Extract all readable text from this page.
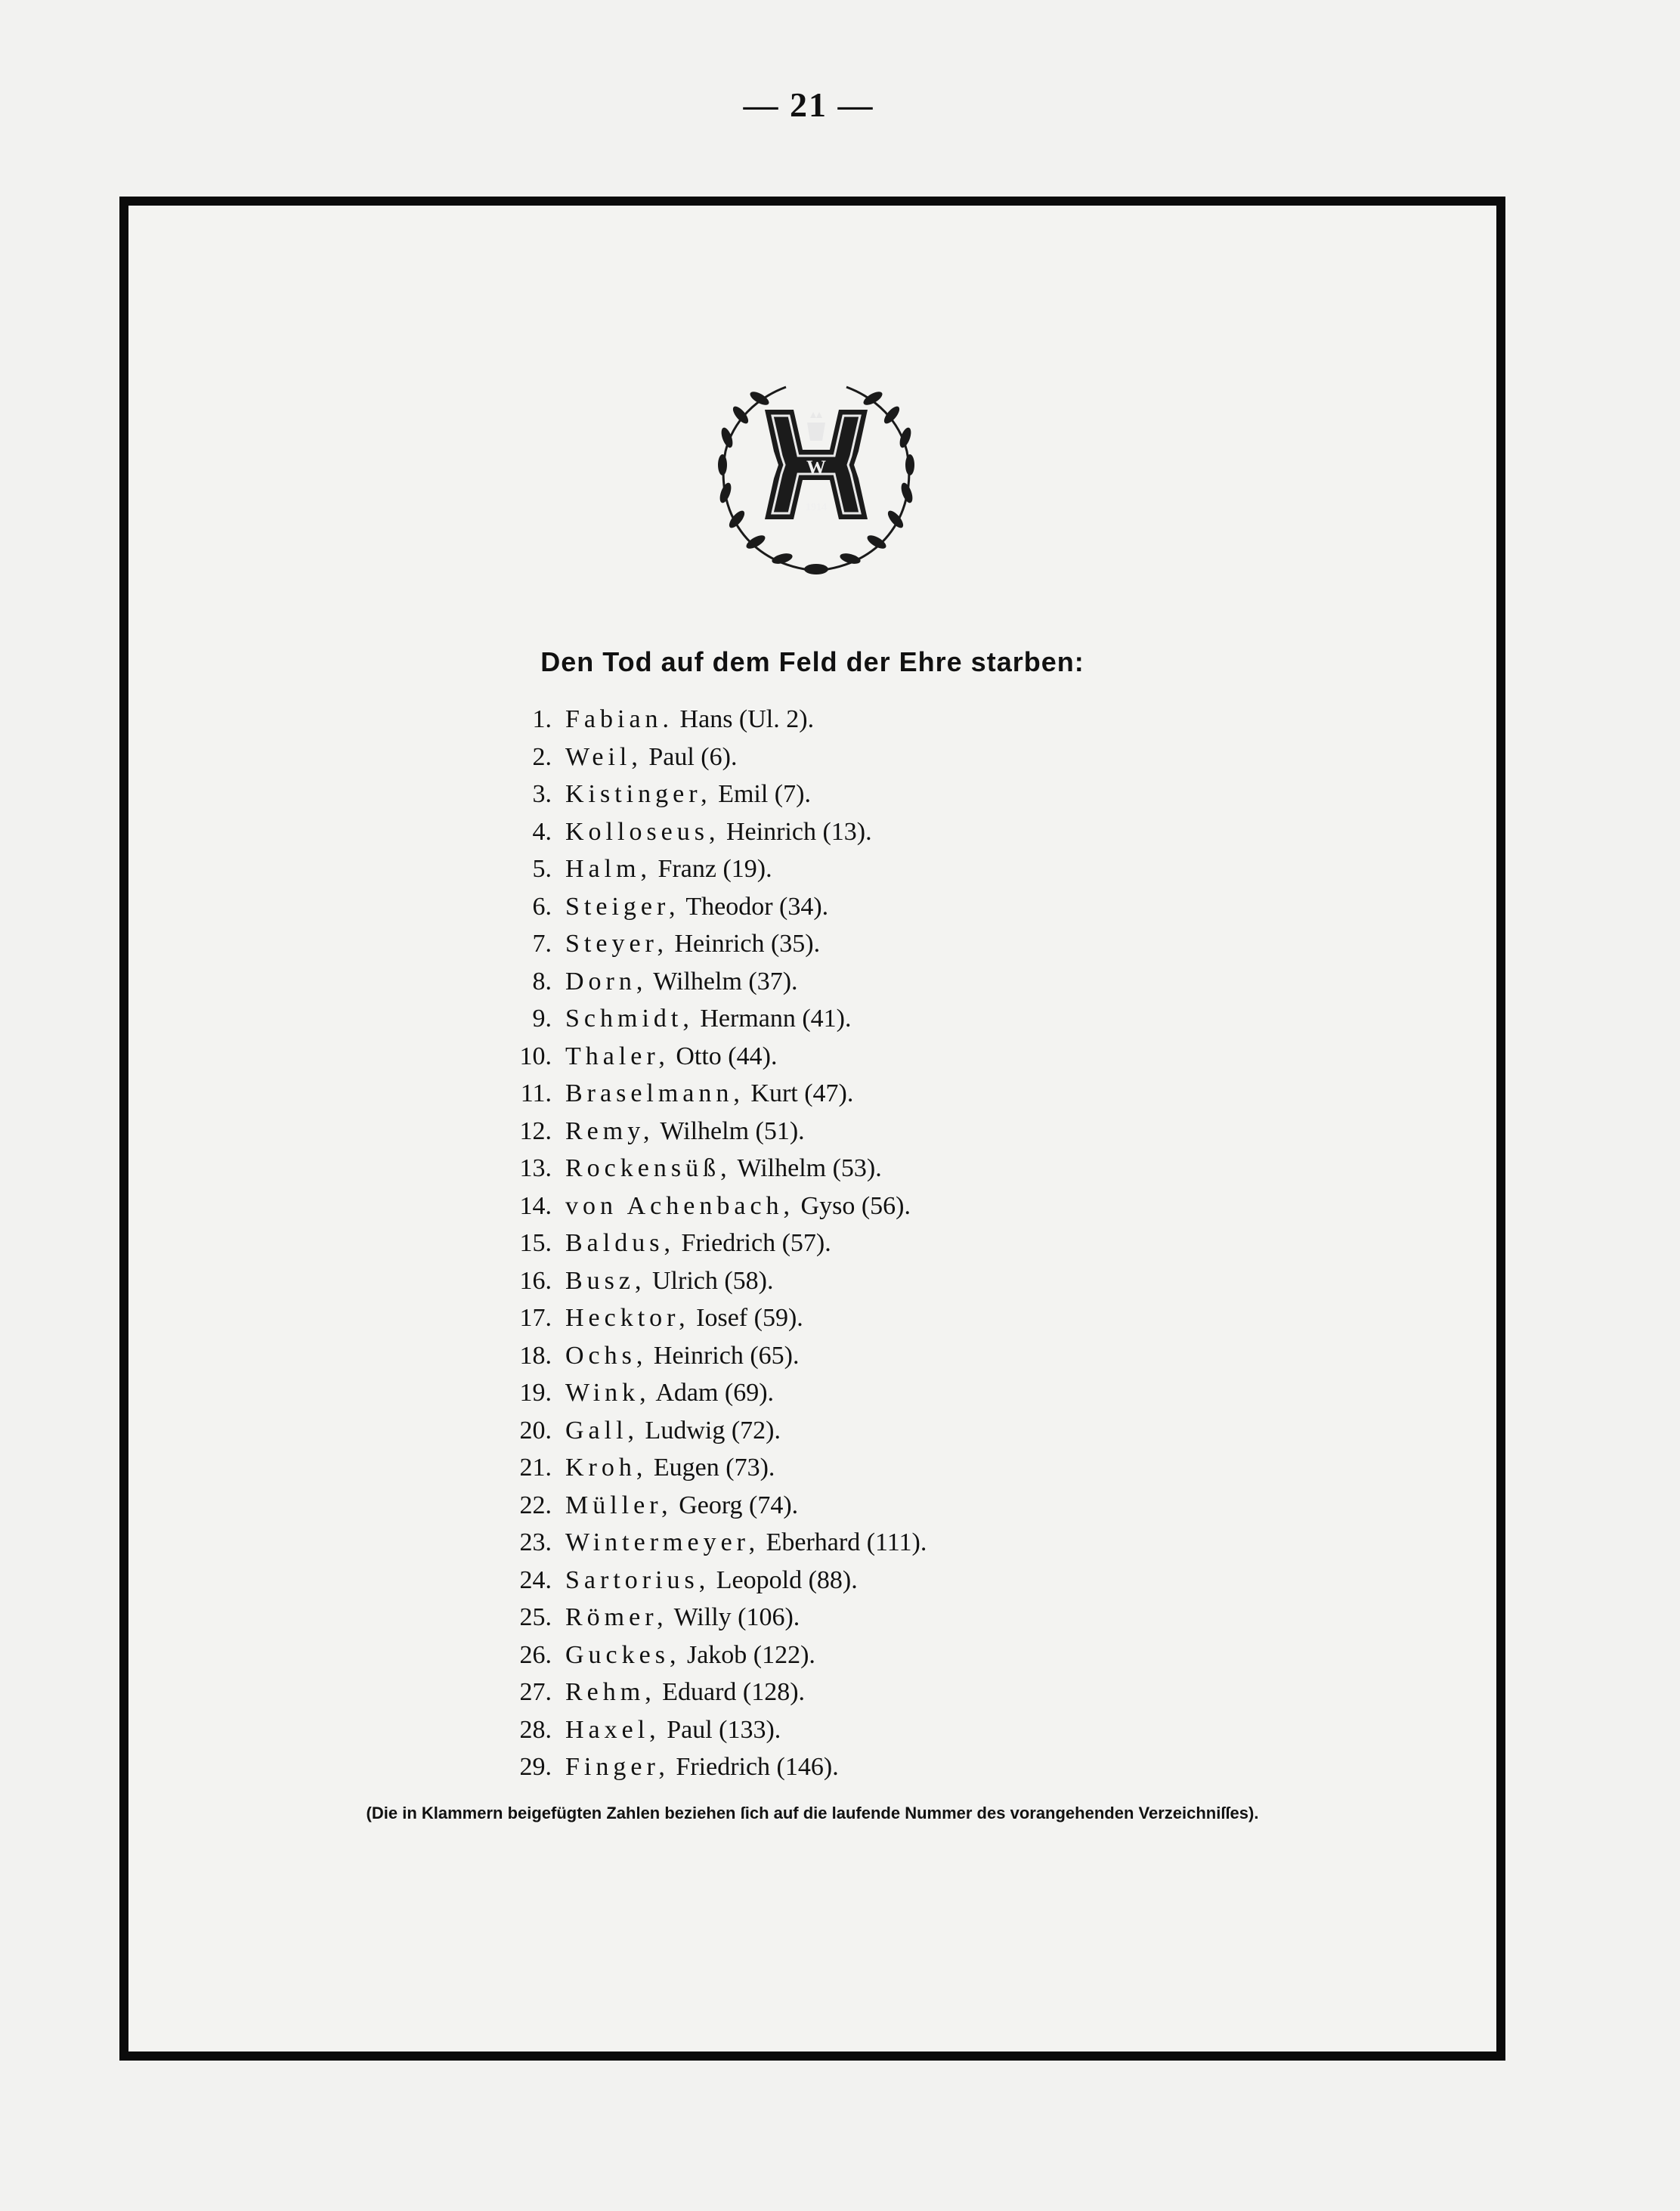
— 21 —
W
1914
Den Tod auf dem Feld der Ehre starben:
1. Fabian. Hans (Ul. 2).
2. Weil, Paul (6).
3. Kistinger, Emil (7).
4. Kolloseus, Heinrich (13).
5. Halm, Franz (19).
6. Steiger, Theodor (34).
7. Steyer, Heinrich (35).
8. Dorn, Wilhelm (37).
9. Schmidt, Hermann (41).
10. Thaler, Otto (44).
11. Braselmann, Kurt (47).
12. Remy, Wilhelm (51).
13. Rockensüß, Wilhelm (53).
14. von Achenbach, Gyso (56).
15. Baldus, Friedrich (57).
16. Busz, Ulrich (58).
17. Hecktor, Iosef (59).
18. Ochs, Heinrich (65).
19. Wink, Adam (69).
20. Gall, Ludwig (72).
21. Kroh, Eugen (73).
22. Müller, Georg (74).
23. Wintermeyer, Eberhard (111).
24. Sartorius, Leopold (88).
25. Römer, Willy (106).
26. Guckes, Jakob (122).
27. Rehm, Eduard (128).
28. Haxel, Paul (133).
29. Finger, Friedrich (146).
(Die in Klammern beigefügten Zahlen beziehen ſich auf die laufende Nummer des vorangehenden Verzeichniſſes).
